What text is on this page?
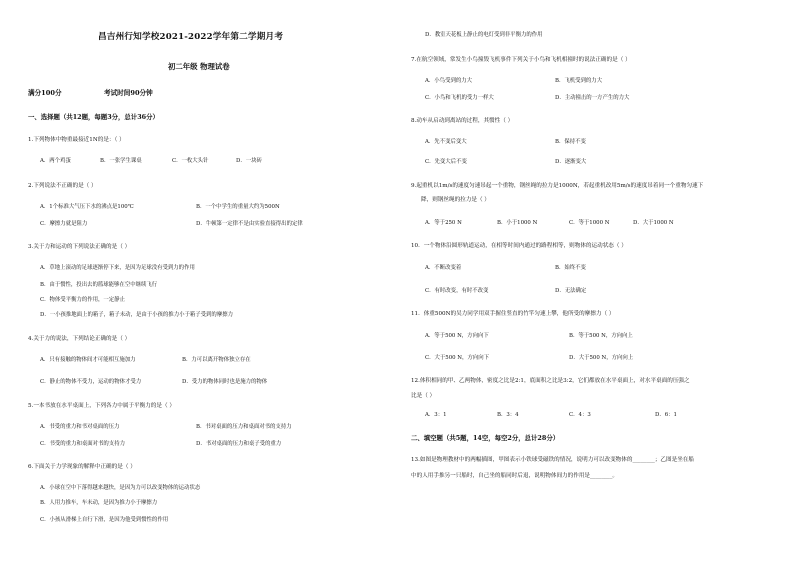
昌吉州行知学校2021-2022学年第二学期月考
初二年级 物理试卷
满分100分	考试时间90分钟
一、选择题（共12题，每题3分，总计36分）
1.下列物体中物重最接近1N的是：（ ）
A．两个鸡蛋	B．一张学生课桌	C．一枚大头针	D．一块砖
2.下列说法不正确的是（ ）
A．1个标准大气压下水的沸点是100℃	B．一个中学生的重量大约为500N
C．摩擦力就是阻力	D．牛顿第一定律不是由实验直接得出的定律
3.关于力和运动的下列说法正确的是（ ）
A．草地上滚动的足球逐渐停下来，是因为足球没有受到力的作用
B．由于惯性，投出去的篮球能够在空中继续飞行
C．物体受平衡力的作用，一定静止
D．一小孩推地面上的箱子，箱子未动，是由于小孩的推力小于箱子受到的摩擦力
4.关于力的说法，下列结论正确的是（ ）
A．只有接触的物体间才可能相互施加力	B．力可以离开物体独立存在
C．静止的物体不受力，运动的物体才受力	D．受力的物体同时也是施力的物体
5.一本书放在水平桌面上，下列各力中属于平衡力的是（ ）
A．书受的重力和书对桌面的压力	B．书对桌面的压力和桌面对书的支持力
C．书受的重力和桌面对书的支持力	D．书对桌面的压力和桌子受的重力
6.下面关于力学现象的解释中正确的是（ ）
A．小球在空中下落得越来越快，是因为力可以改变物体的运动状态
B．人用力推车，车未动，是因为推力小于摩擦力
C．小孩从滑梯上自行下滑，是因为他受到惯性的作用
D．教室天花板上静止的电灯受到非平衡力的作用
7.在航空领域，常发生小鸟撞毁飞机事件下列关于小鸟和飞机相撞时的说法正确的是（ ）
A．小鸟受到的力大	B．飞机受到的力大
C．小鸟和飞机的受力一样大	D．主动撞击的一方产生的力大
8.动车从启动到离站的过程，其惯性（ ）
A．先不变后变大	B．保持不变
C．先变大后不变	D．逐渐变大
9.起重机以1m/s的速度匀速吊起一个重物，钢丝绳的拉力是1000N，若起重机改用5m/s的速度吊着同一个重物匀速下
降，则钢丝绳的拉力是（ ）
A．等于250 N	B．小于1000 N	C．等于1000 N	D．大于1000 N
10．一个物体沿圆形轨道运动，在相等时间内通过的路程相等，则物体的运动状态（ ）
A．不断改变着	B．始终不变
C．有时改变，有时不改变	D．无法确定
11．体重500N的吴力同学用双手握住竖直的竹竿匀速上攀，他所受的摩擦力（ ）
A．等于500 N，方向向下	B．等于500 N，方向向上
C．大于500 N，方向向下	D．大于500 N，方向向上
12.体积相同的甲、乙两物体，密度之比是2:1，底面积之比是3:2，它们都放在水平桌面上，对水平桌面的压强之
比是（ ）
A．3：1	B．3：4	C．4：3	D．6：1
二、填空题（共5题，14空，每空2分，总计28分）
13.如图是物理教材中的两幅插图，甲图表示小铁球受磁铁的情况，说明力可以改变物体的________；乙图是坐在船
中的人用手推另一只船时，自己坐的船同时后退，说明物体间力的作用是________。
